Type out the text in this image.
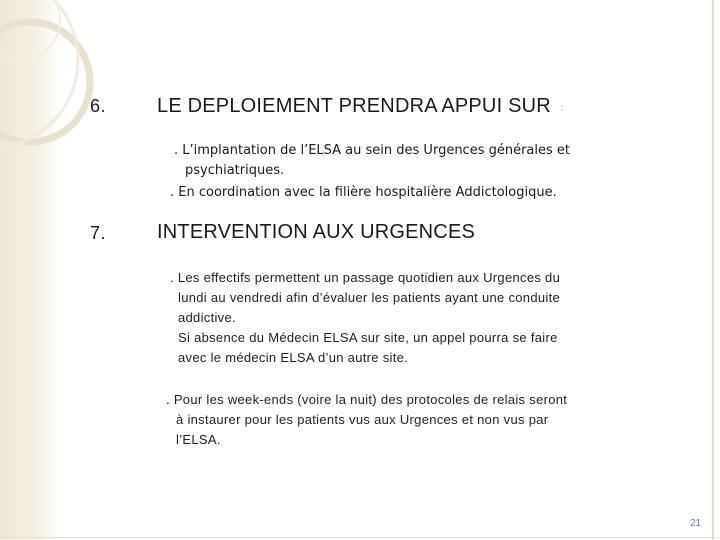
6.	LE DEPLOIEMENT PRENDRA APPUI SUR :
. L’implantation de l’ELSA au sein des Urgences générales et
psychiatriques.
. En coordination avec la filière hospitalière Addictologique.
7.	INTERVENTION AUX URGENCES
. Les effectifs permettent un passage quotidien aux Urgences du
lundi au vendredi afin d’évaluer les patients ayant une conduite
addictive.
Si absence du Médecin ELSA sur site, un appel pourra se faire
avec le médecin ELSA d’un autre site.
. Pour les week-ends (voire la nuit) des protocoles de relais seront
à instaurer pour les patients vus aux Urgences et non vus par
l’ELSA.
21
